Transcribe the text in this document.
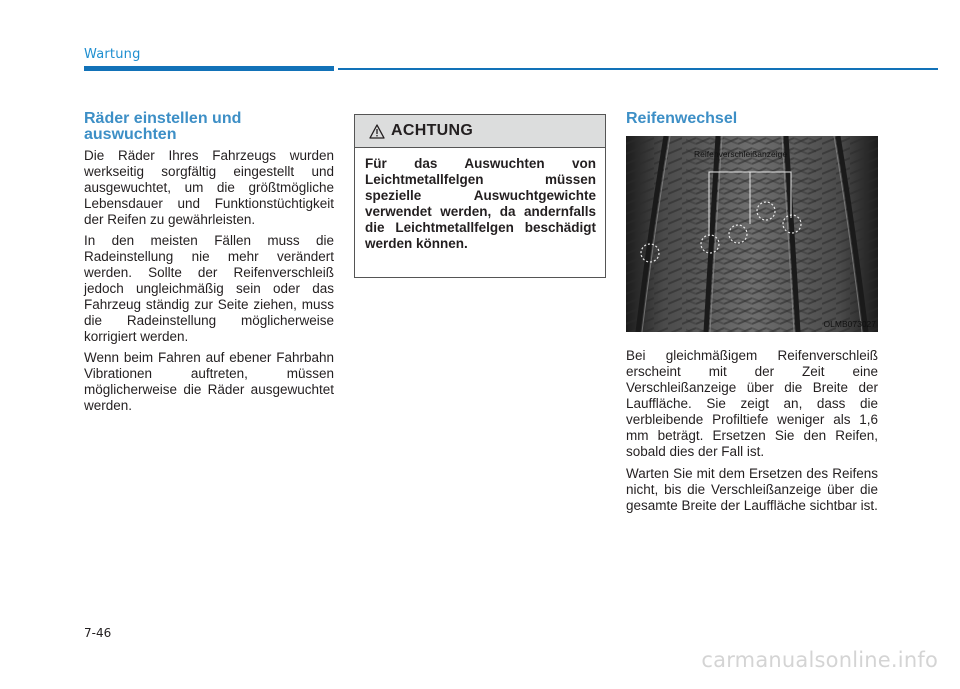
Wartung
Räder einstellen und auswuchten

Die Räder Ihres Fahrzeugs wurden werkseitig sorgfältig eingestellt und ausgewuchtet, um die größtmögliche Lebensdauer und Funktionstüchtigkeit der Reifen zu gewährleisten.

In den meisten Fällen muss die Radeinstellung nie mehr verändert werden. Sollte der Reifenverschleiß jedoch ungleichmäßig sein oder das Fahrzeug ständig zur Seite ziehen, muss die Radeinstellung möglicherweise korrigiert werden.

Wenn beim Fahren auf ebener Fahrbahn Vibrationen auftreten, müssen möglicherweise die Räder ausgewuchtet werden.

ACHTUNG
Für das Auswuchten von Leichtmetallfelgen müssen spezielle Auswuchtgewichte verwendet werden, da andernfalls die Leichtmetallfelgen beschädigt werden können.
Reifenwechsel
Reifenverschleißanzeige
OLMB073027

Bei gleichmäßigem Reifenverschleiß erscheint mit der Zeit eine Verschleißanzeige über die Breite der Lauffläche. Sie zeigt an, dass die verbleibende Profiltiefe weniger als 1,6 mm beträgt. Ersetzen Sie den Reifen, sobald dies der Fall ist.

Warten Sie mit dem Ersetzen des Reifens nicht, bis die Verschleißanzeige über die gesamte Breite der Lauffläche sichtbar ist.

7-46
carmanualsonline.info
